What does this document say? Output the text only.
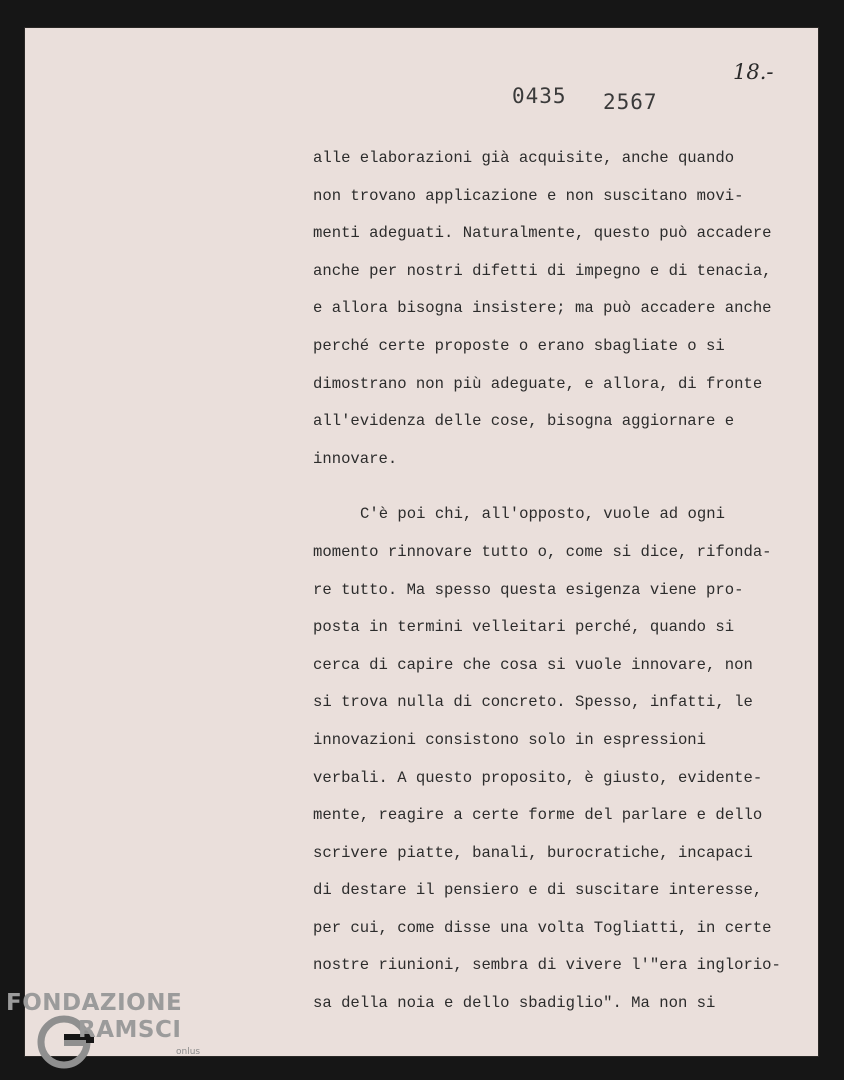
0435 2567
18.-
alle elaborazioni già acquisite, anche quando
non trovano applicazione e non suscitano movi-
menti adeguati. Naturalmente, questo può accadere
anche per nostri difetti di impegno e di tenacia,
e allora bisogna insistere; ma può accadere anche
perché certe proposte o erano sbagliate o si
dimostrano non più adeguate, e allora, di fronte
all'evidenza delle cose, bisogna aggiornare e
innovare.
C'è poi chi, all'opposto, vuole ad ogni
momento rinnovare tutto o, come si dice, rifonda-
re tutto. Ma spesso questa esigenza viene pro-
posta in termini velleitari perché, quando si
cerca di capire che cosa si vuole innovare, non
si trova nulla di concreto. Spesso, infatti, le
innovazioni consistono solo in espressioni
verbali. A questo proposito, è giusto, evidente-
mente, reagire a certe forme del parlare e dello
scrivere piatte, banali, burocratiche, incapaci
di destare il pensiero e di suscitare interesse,
per cui, come disse una volta Togliatti, in certe
nostre riunioni, sembra di vivere l'"era inglorio-
sa della noia e dello sbadiglio". Ma non si
FONDAZIONE
RAMSCI
onlus
